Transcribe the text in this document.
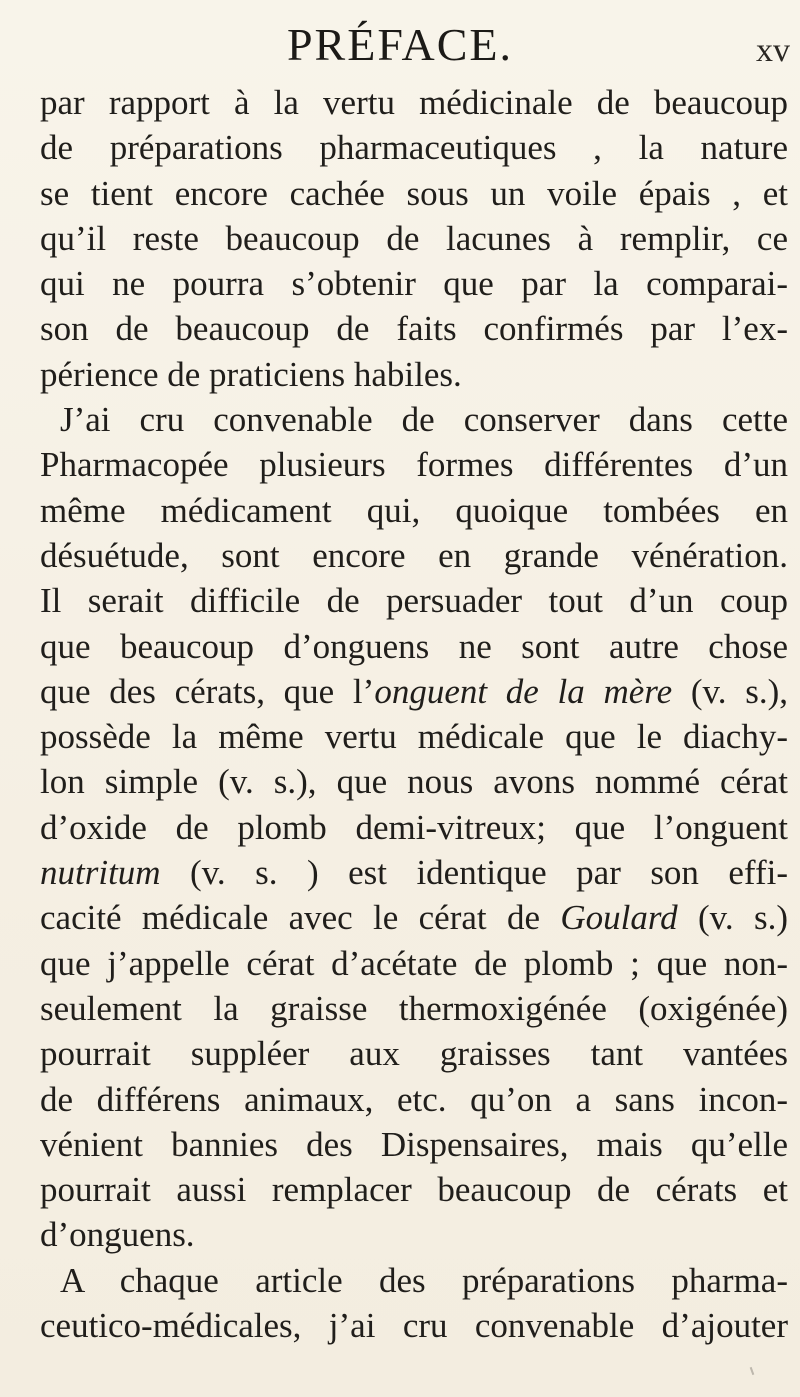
PRÉFACE.	xv
par rapport à la vertu médicinale de beaucoup
de préparations pharmaceutiques , la nature
se tient encore cachée sous un voile épais , et
qu’il reste beaucoup de lacunes à remplir, ce
qui ne pourra s’obtenir que par la comparai-
son de beaucoup de faits confirmés par l’ex-
périence de praticiens habiles.
J’ai cru convenable de conserver dans cette
Pharmacopée plusieurs formes différentes d’un
même médicament qui, quoique tombées en
désuétude, sont encore en grande vénération.
Il serait difficile de persuader tout d’un coup
que beaucoup d’onguens ne sont autre chose
que des cérats, que l’onguent de la mère (v. s.),
possède la même vertu médicale que le diachy-
lon simple (v. s.), que nous avons nommé cérat
d’oxide de plomb demi-vitreux; que l’onguent
nutritum (v. s. ) est identique par son effi-
cacité médicale avec le cérat de Goulard (v. s.)
que j’appelle cérat d’acétate de plomb ; que non-
seulement la graisse thermoxigénée (oxigénée)
pourrait suppléer aux graisses tant vantées
de différens animaux, etc. qu’on a sans incon-
vénient bannies des Dispensaires, mais qu’elle
pourrait aussi remplacer beaucoup de cérats et
d’onguens.
A chaque article des préparations pharma-
ceutico-médicales, j’ai cru convenable d’ajouter
